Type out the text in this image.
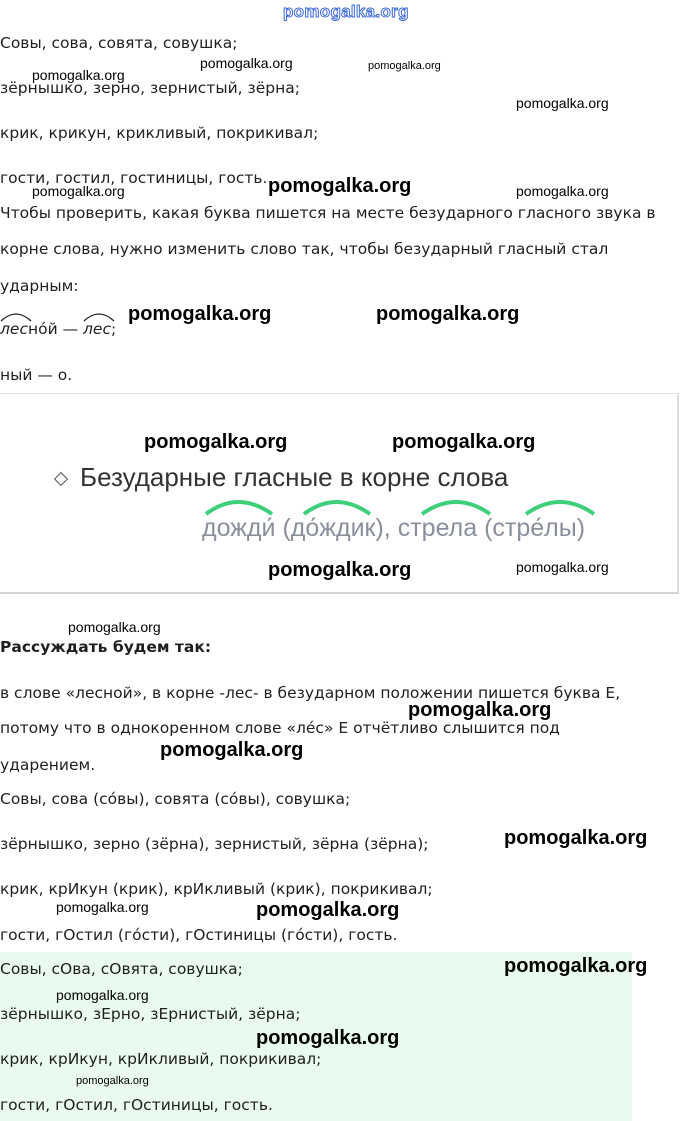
pomogalka.org
Совы, сова, совята, совушка;
зёрнышко, зерно, зернистый, зёрна;
крик, крикун, крикливый, покрикивал;
гости, гостил, гостиницы, гость.
Чтобы проверить, какая буква пишется на месте безударного гласного звука в
корне слова, нужно изменить слово так, чтобы безударный гласный стал
ударным:
лесно́й —
лес;
ный — о.
Безударные гласные в корне слова
дожди́ (до́ждик), стрела (стре́лы)
Рассуждать будем так:
в слове «лесной», в корне -лес- в безударном положении пишется буква Е,
потому что в однокоренном слове «ле́с» Е отчётливо слышится под
ударением.
Совы, сова (со́вы), совята (со́вы), совушка;
зёрнышко, зерно (зёрна), зернистый, зёрна (зёрна);
крик, крИкун (крик), крИкливый (крик), покрикивал;
гости, гОстил (го́сти), гОстиницы (го́сти), гость.
Совы, сОва, сОвята, совушка;
зёрнышко, зЕрно, зЕрнистый, зёрна;
крик, крИкун, крИкливый, покрикивал;
гости, гОстил, гОстиницы, гость.
pomogalka.org
pomogalka.org
pomogalka.org
pomogalka.org
pomogalka.org	pomogalka.org	pomogalka.org
pomogalka.org	pomogalka.org
pomogalka.org	pomogalka.org
pomogalka.org	pomogalka.org
pomogalka.org
pomogalka.org
pomogalka.org
pomogalka.org
pomogalka.org	pomogalka.org
pomogalka.org
pomogalka.org
pomogalka.org
pomogalka.org
